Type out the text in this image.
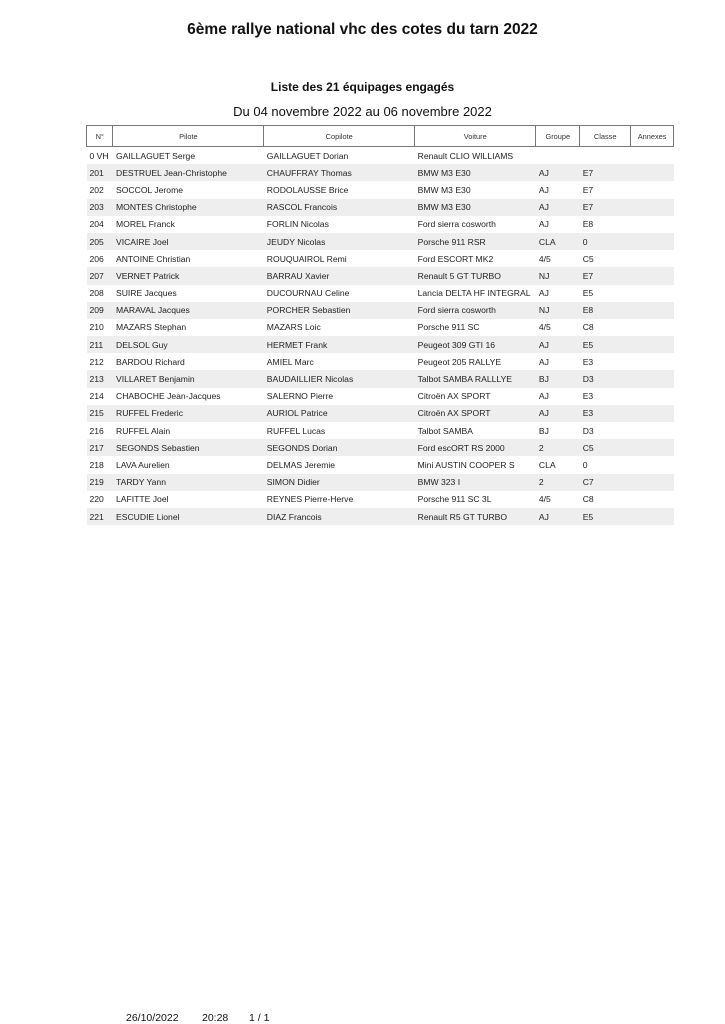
6ème rallye national vhc des cotes du tarn 2022
Liste des 21 équipages engagés
Du 04 novembre 2022 au 06 novembre 2022
N°	Pilote	Copilote	Voiture	Groupe	Classe	Annexes
0 VH	GAILLAGUET Serge	GAILLAGUET Dorian	Renault CLIO WILLIAMS			
201	DESTRUEL Jean-Christophe	CHAUFFRAY Thomas	BMW M3 E30	AJ	E7	
202	SOCCOL Jerome	RODOLAUSSE Brice	BMW M3 E30	AJ	E7	
203	MONTES Christophe	RASCOL Francois	BMW M3 E30	AJ	E7	
204	MOREL Franck	FORLIN Nicolas	Ford sierra cosworth	AJ	E8	
205	VICAIRE Joel	JEUDY Nicolas	Porsche 911 RSR	CLA	0	
206	ANTOINE Christian	ROUQUAIROL Remi	Ford ESCORT MK2	4/5	C5	
207	VERNET Patrick	BARRAU Xavier	Renault 5 GT TURBO	NJ	E7	
208	SUIRE Jacques	DUCOURNAU Celine	Lancia DELTA HF INTEGRAL	AJ	E5	
209	MARAVAL Jacques	PORCHER Sebastien	Ford sierra cosworth	NJ	E8	
210	MAZARS Stephan	MAZARS Loic	Porsche 911 SC	4/5	C8	
211	DELSOL Guy	HERMET Frank	Peugeot 309 GTI 16	AJ	E5	
212	BARDOU Richard	AMIEL Marc	Peugeot 205 RALLYE	AJ	E3	
213	VILLARET Benjamin	BAUDAILLIER Nicolas	Talbot SAMBA RALLLYE	BJ	D3	
214	CHABOCHE Jean-Jacques	SALERNO Pierre	Citroën AX SPORT	AJ	E3	
215	RUFFEL Frederic	AURIOL Patrice	Citroën AX SPORT	AJ	E3	
216	RUFFEL Alain	RUFFEL Lucas	Talbot SAMBA	BJ	D3	
217	SEGONDS Sebastien	SEGONDS Dorian	Ford escORT RS 2000	2	C5	
218	LAVA Aurelien	DELMAS Jeremie	Mini AUSTIN COOPER S	CLA	0	
219	TARDY Yann	SIMON Didier	BMW 323 I	2	C7	
220	LAFITTE Joel	REYNES Pierre-Herve	Porsche 911 SC 3L	4/5	C8	
221	ESCUDIE Lionel	DIAZ Francois	Renault R5 GT TURBO	AJ	E5	
26/10/2022 20:28 1 / 1
